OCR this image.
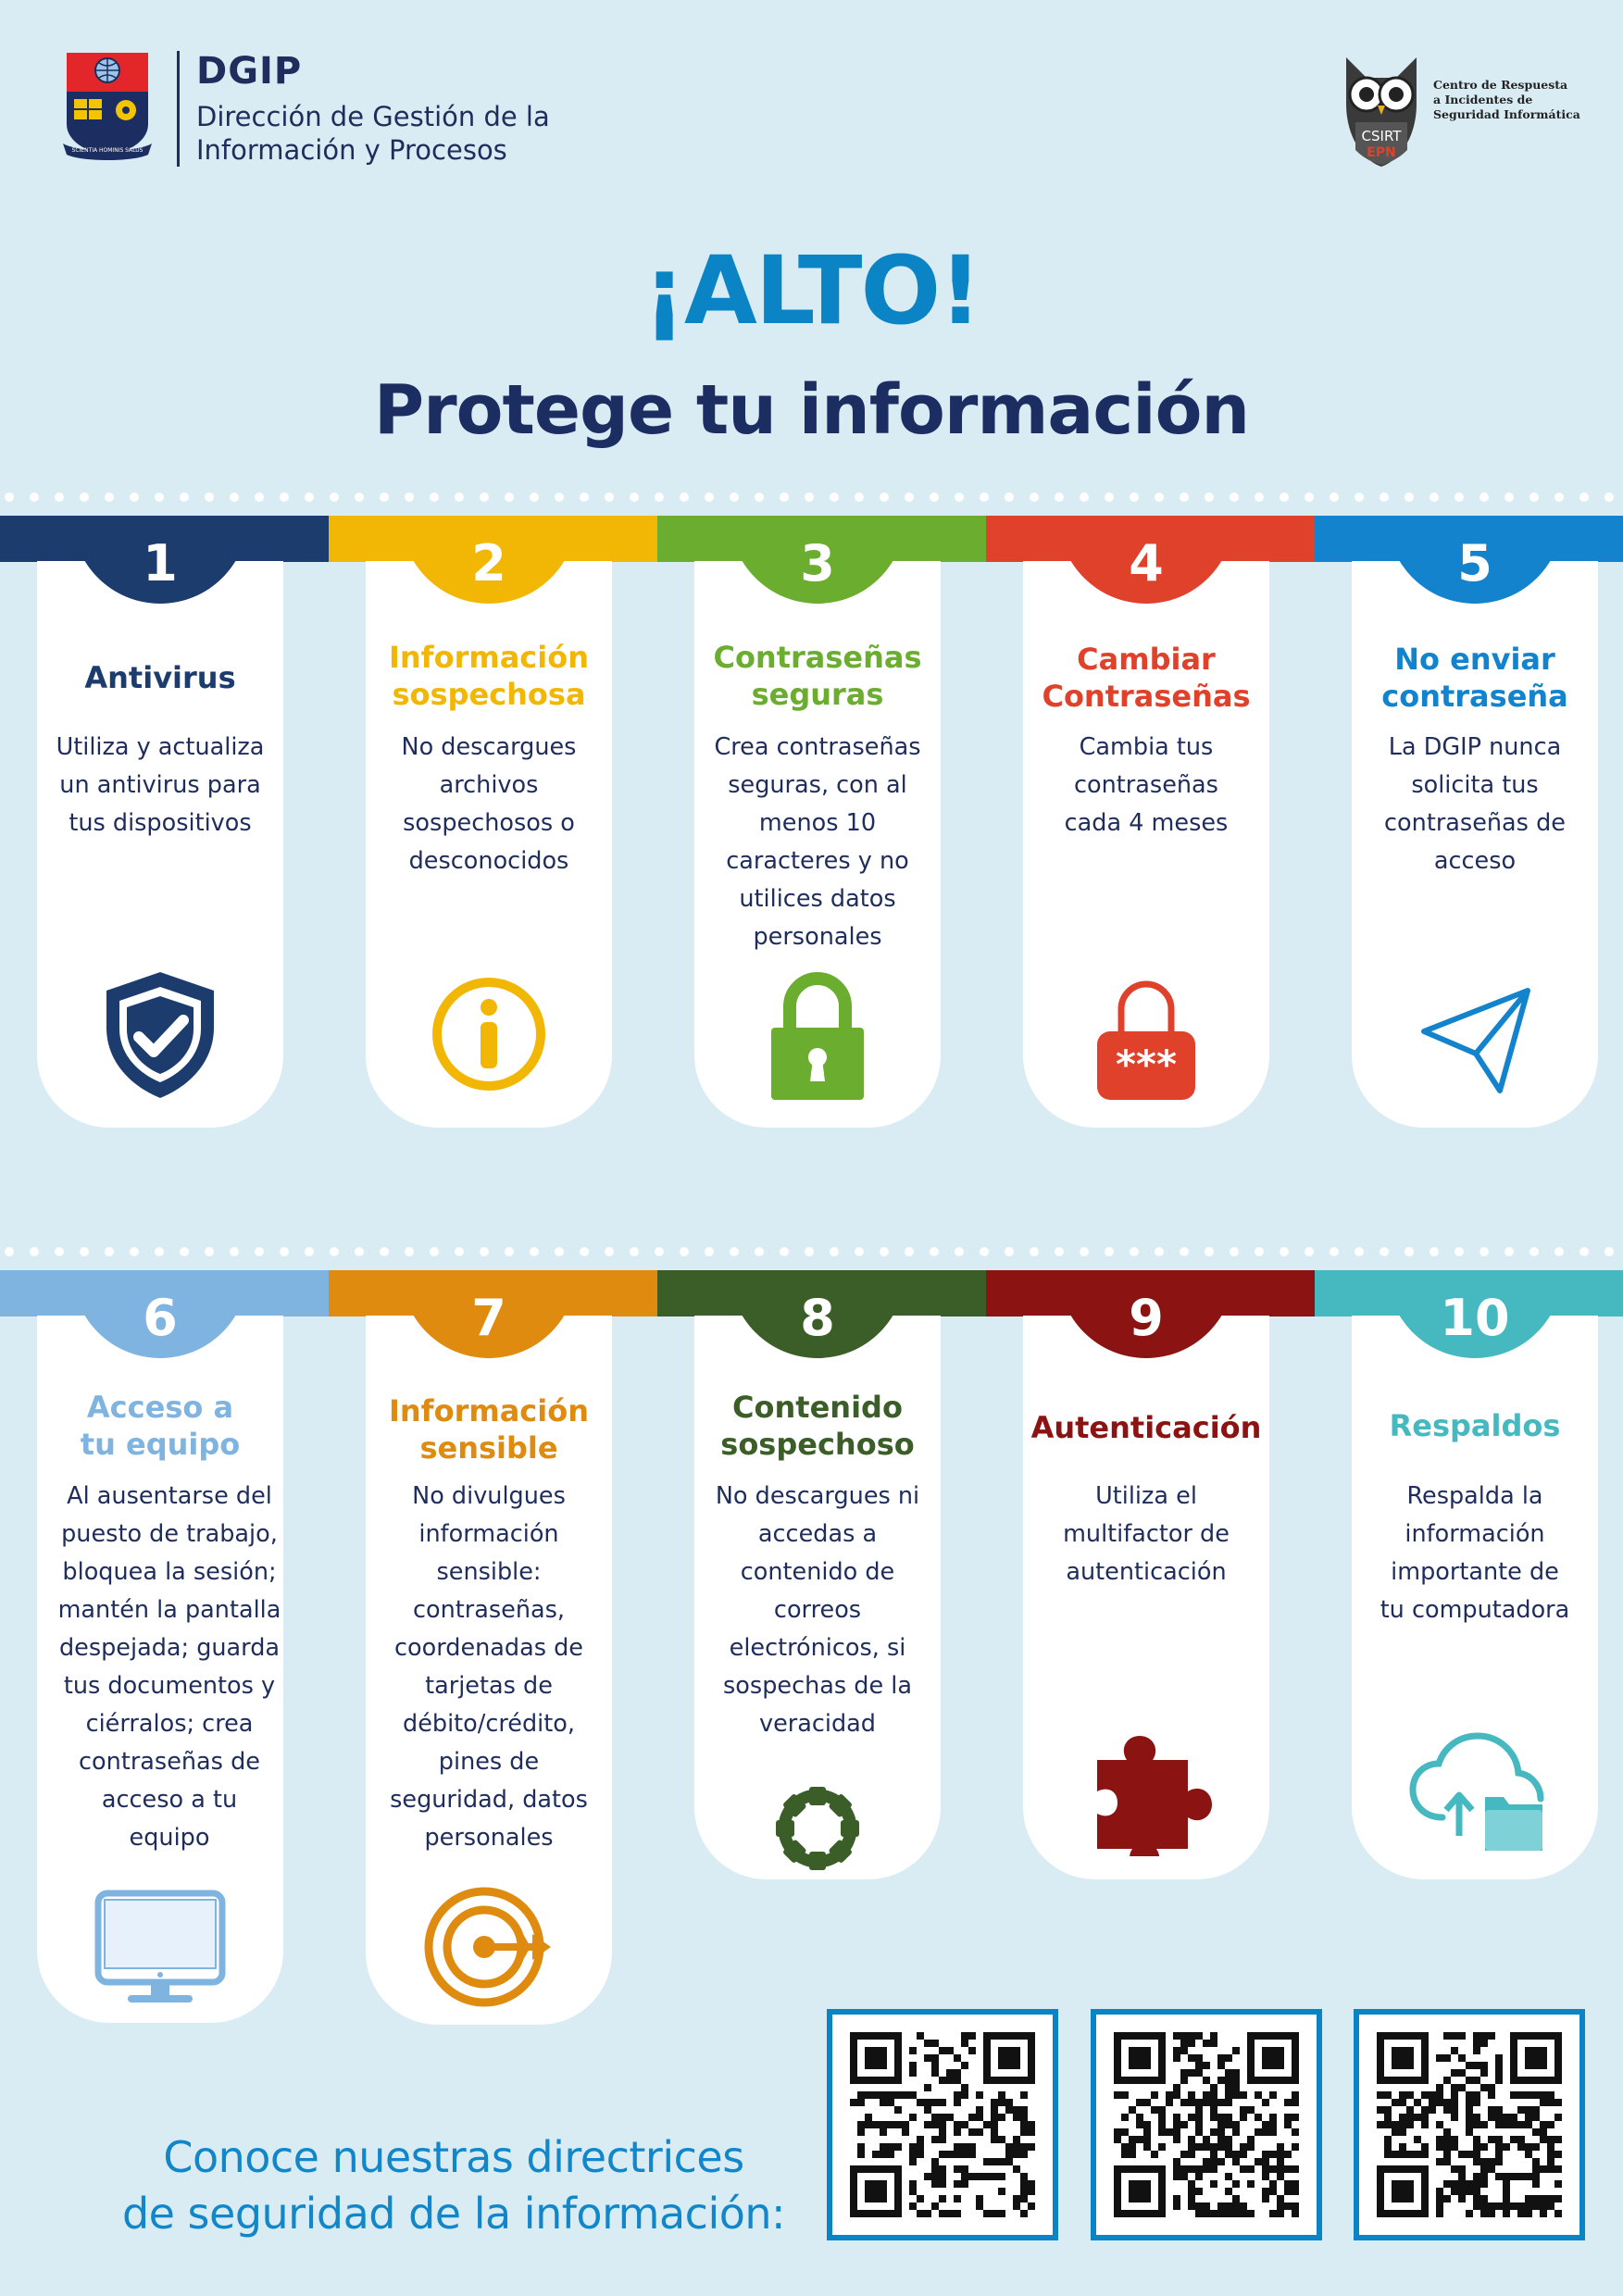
SCIENTIA HOMINIS SALUS
DGIP
Dirección de Gestión de la
Información y Procesos	CSIRT
EPN
Centro de Respuesta
a Incidentes de
Seguridad Informática
¡ALTO!
Protege tu información
1
Antivirus
Utiliza y actualiza
un antivirus para
tus dispositivos
2
Información
sospechosa
No descargues
archivos
sospechosos o
desconocidos
3
Contraseñas
seguras
Crea contraseñas
seguras, con al
menos 10
caracteres y no
utilices datos
personales
4
Cambiar
Contraseñas
Cambia tus
contraseñas
cada 4 meses
***
5
No enviar
contraseña
La DGIP nunca
solicita tus
contraseñas de
acceso
6
Acceso a
tu equipo
Al ausentarse del
puesto de trabajo,
bloquea la sesión;
mantén la pantalla
despejada; guarda
tus documentos y
ciérralos; crea
contraseñas de
acceso a tu
equipo
7
Información
sensible
No divulgues
información
sensible:
contraseñas,
coordenadas de
tarjetas de
débito/crédito,
pines de
seguridad, datos
personales
8
Contenido
sospechoso
No descargues ni
accedas a
contenido de
correos
electrónicos, si
sospechas de la
veracidad
9
Autenticación
Utiliza el
multifactor de
autenticación
10
Respaldos
Respalda la
información
importante de
tu computadora
Conoce nuestras directrices
de seguridad de la información:
